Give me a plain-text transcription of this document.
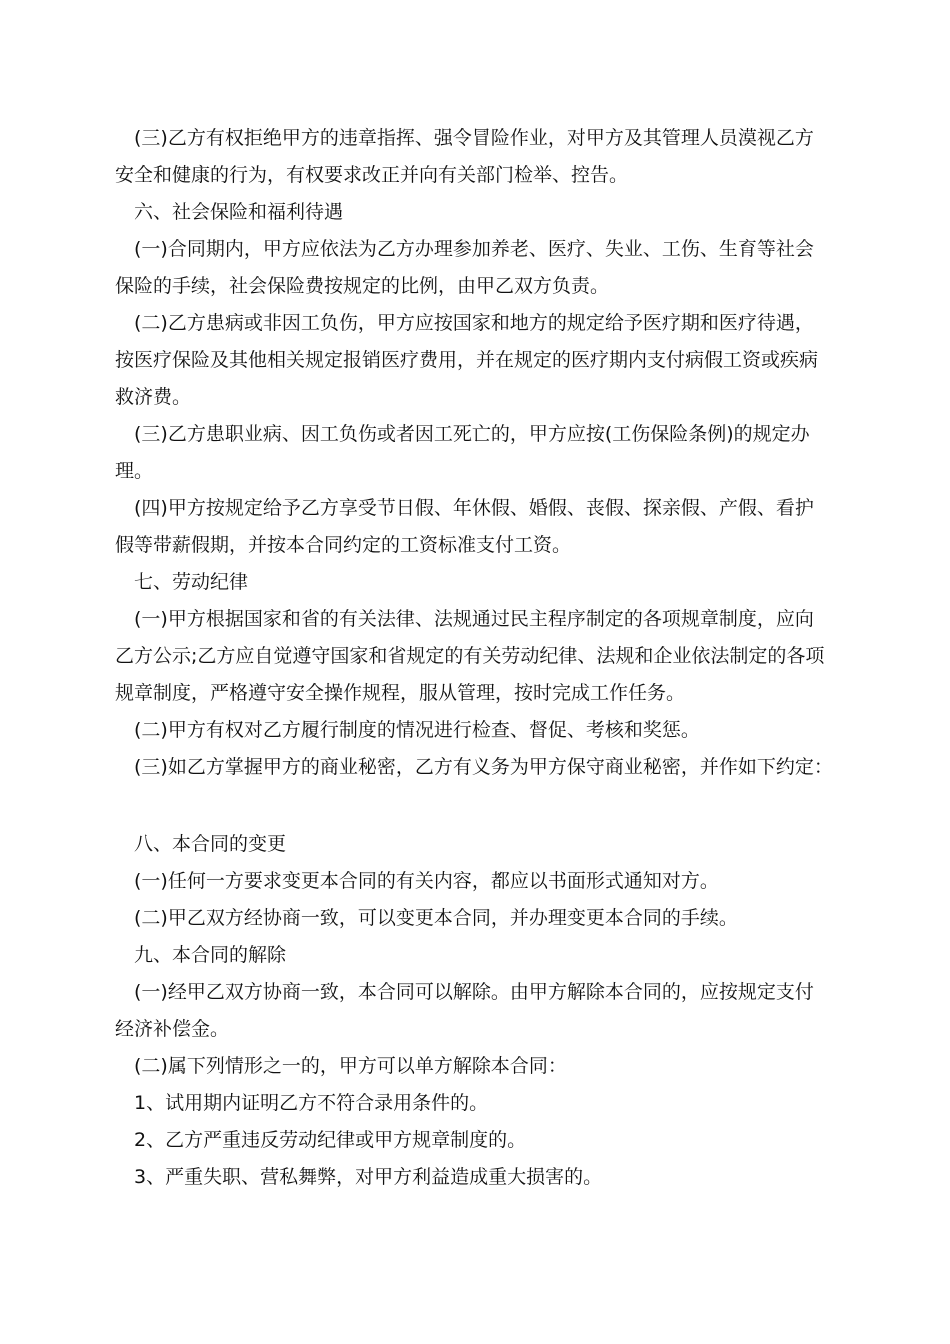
(三)乙方有权拒绝甲方的违章指挥、强令冒险作业，对甲方及其管理人员漠视乙方
安全和健康的行为，有权要求改正并向有关部门检举、控告。
六、社会保险和福利待遇
(一)合同期内，甲方应依法为乙方办理参加养老、医疗、失业、工伤、生育等社会
保险的手续，社会保险费按规定的比例，由甲乙双方负责。
(二)乙方患病或非因工负伤，甲方应按国家和地方的规定给予医疗期和医疗待遇，
按医疗保险及其他相关规定报销医疗费用，并在规定的医疗期内支付病假工资或疾病
救济费。
(三)乙方患职业病、因工负伤或者因工死亡的，甲方应按(工伤保险条例)的规定办
理。
(四)甲方按规定给予乙方享受节日假、年休假、婚假、丧假、探亲假、产假、看护
假等带薪假期，并按本合同约定的工资标准支付工资。
七、劳动纪律
(一)甲方根据国家和省的有关法律、法规通过民主程序制定的各项规章制度，应向
乙方公示;乙方应自觉遵守国家和省规定的有关劳动纪律、法规和企业依法制定的各项
规章制度，严格遵守安全操作规程，服从管理，按时完成工作任务。
(二)甲方有权对乙方履行制度的情况进行检查、督促、考核和奖惩。
(三)如乙方掌握甲方的商业秘密，乙方有义务为甲方保守商业秘密，并作如下约定：
八、本合同的变更
(一)任何一方要求变更本合同的有关内容，都应以书面形式通知对方。
(二)甲乙双方经协商一致，可以变更本合同，并办理变更本合同的手续。
九、本合同的解除
(一)经甲乙双方协商一致，本合同可以解除。由甲方解除本合同的，应按规定支付
经济补偿金。
(二)属下列情形之一的，甲方可以单方解除本合同：
1、试用期内证明乙方不符合录用条件的。
2、乙方严重违反劳动纪律或甲方规章制度的。
3、严重失职、营私舞弊，对甲方利益造成重大损害的。
